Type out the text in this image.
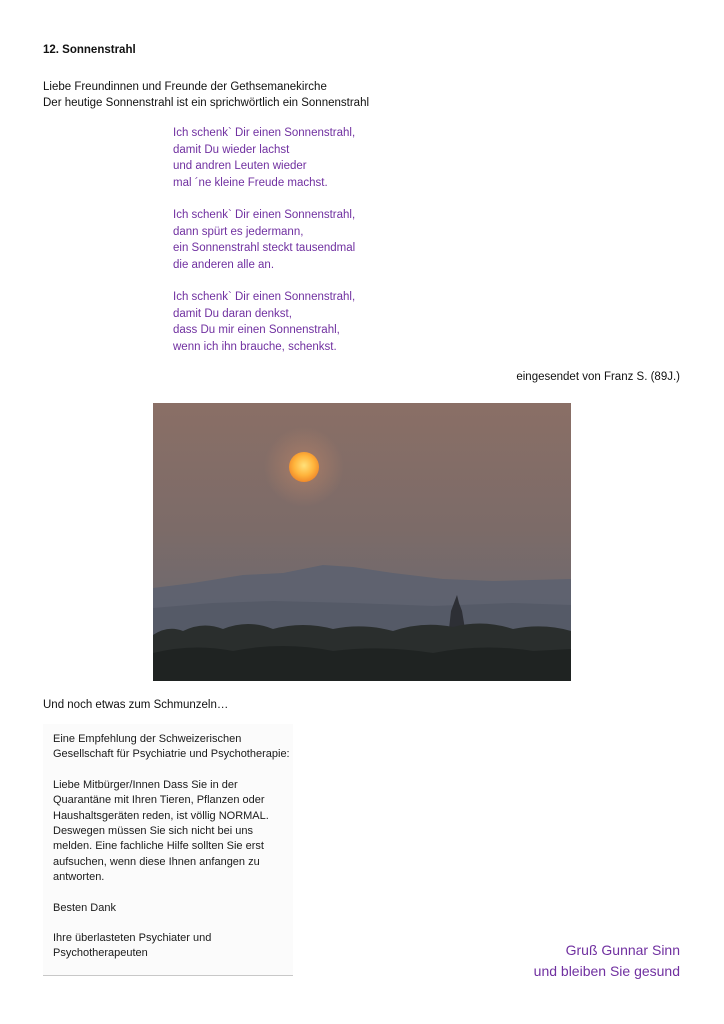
12. Sonnenstrahl
Liebe Freundinnen und Freunde der Gethsemanekirche
Der heutige Sonnenstrahl ist ein sprichwörtlich ein Sonnenstrahl
Ich schenk` Dir einen Sonnenstrahl,
damit Du wieder lachst
und andren Leuten wieder
mal ´ne kleine Freude machst.
Ich schenk` Dir einen Sonnenstrahl,
dann spürt es jedermann,
ein Sonnenstrahl steckt tausendmal
die anderen alle an.
Ich schenk` Dir einen Sonnenstrahl,
damit Du daran denkst,
dass Du mir einen Sonnenstrahl,
wenn ich ihn brauche, schenkst.
eingesendet von Franz S. (89J.)
Und noch etwas zum Schmunzeln…

Eine Empfehlung der Schweizerischen Gesellschaft für Psychiatrie und Psychotherapie:

Liebe Mitbürger/Innen Dass Sie in der Quarantäne mit Ihren Tieren, Pflanzen oder Haushaltsgeräten reden, ist völlig NORMAL. Deswegen müssen Sie sich nicht bei uns melden. Eine fachliche Hilfe sollten Sie erst aufsuchen, wenn diese Ihnen anfangen zu antworten.

Besten Dank

Ihre überlasteten Psychiater und Psychotherapeuten	Gruß Gunnar Sinn
und bleiben Sie gesund
